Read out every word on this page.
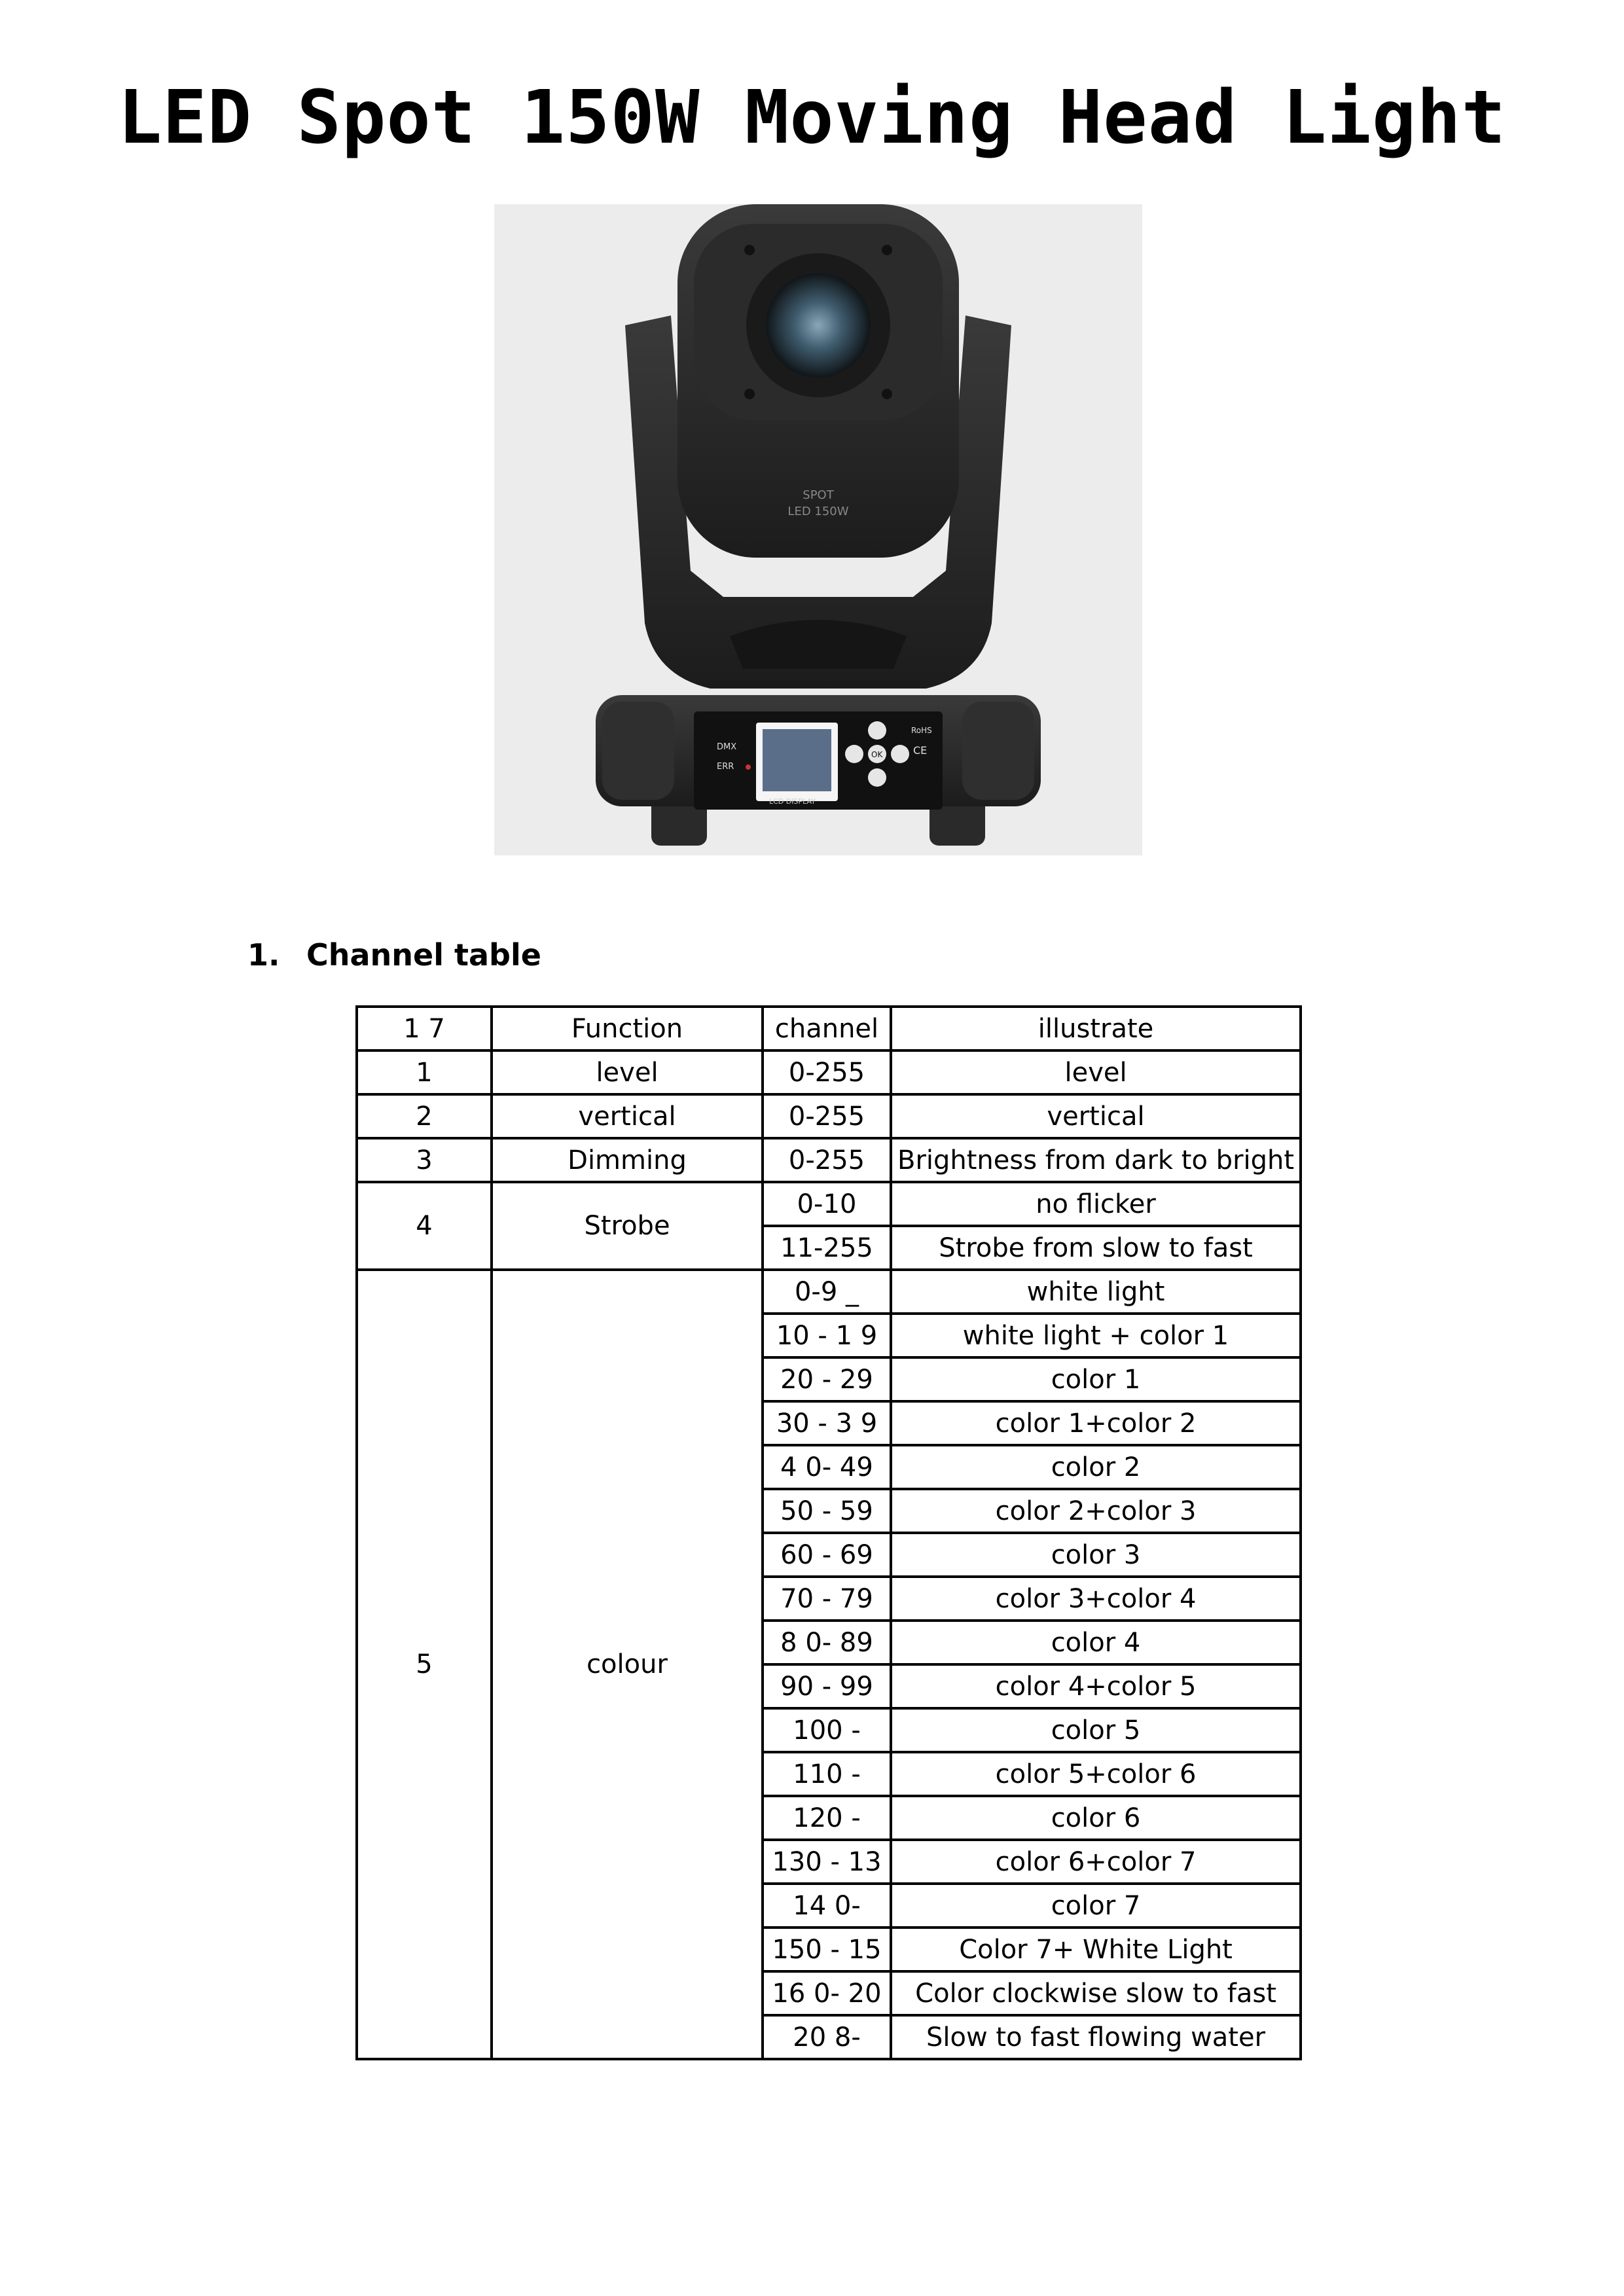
LED Spot 150W Moving Head Light
DMX
ERR
LCD DISPLAY
OK
RoHS
CE
SPOT
LED 150W
1. Channel table
1 7	Function	channel	illustrate
1	level	0-255	level
2	vertical	0-255	vertical
3	Dimming	0-255	Brightness from dark to bright
4	Strobe	0-10	no flicker
		11-255	Strobe from slow to fast
5	colour	0-9 _	white light
		10 - 1 9	white light + color 1
		20 - 29	color 1
		30 - 3 9	color 1+color 2
		4 0- 49	color 2
		50 - 59	color 2+color 3
		60 - 69	color 3
		70 - 79	color 3+color 4
		8 0- 89	color 4
		90 - 99	color 4+color 5
		100 -	color 5
		110 -	color 5+color 6
		120 -	color 6
		130 - 13	color 6+color 7
		14 0-	color 7
		150 - 15	Color 7+ White Light
		16 0- 20	Color clockwise slow to fast
		20 8-	Slow to fast flowing water
